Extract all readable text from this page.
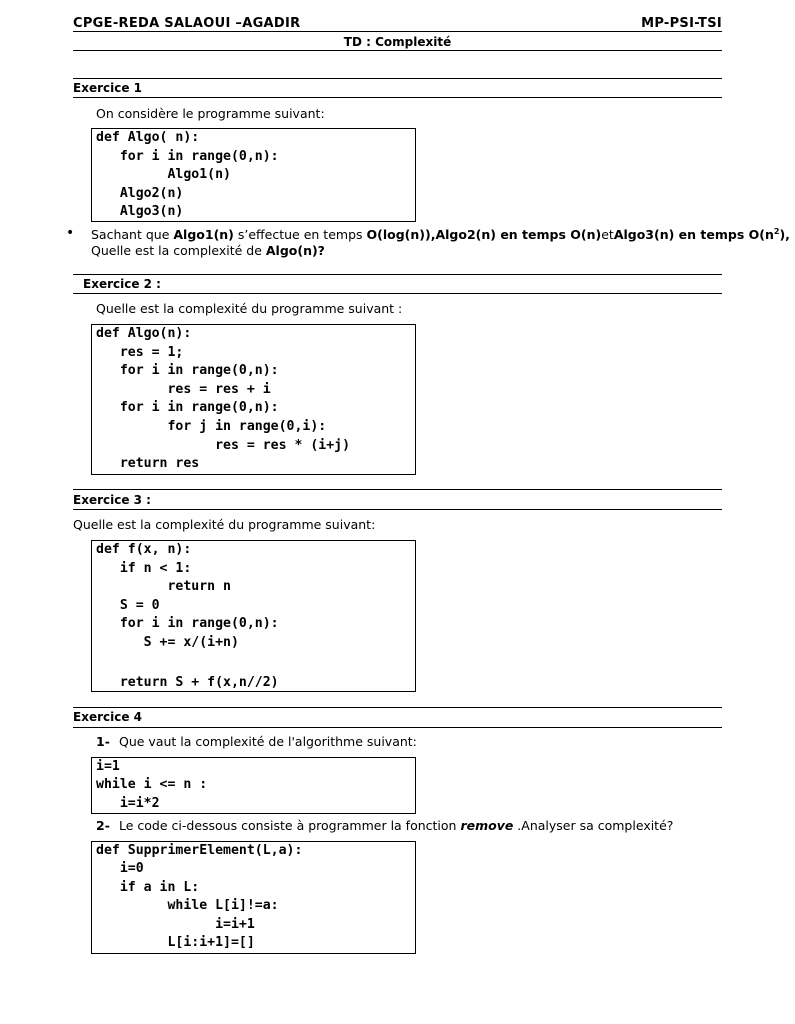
CPGE-REDA SALAOUI –AGADIR	MP-PSI-TSI
TD : Complexité
Exercice 1
On considère le programme suivant:
def Algo( n):
for i in range(0,n):
Algo1(n)
Algo2(n)
Algo3(n)
• Sachant que Algo1(n) s’effectue en temps O(log(n)),Algo2(n) en temps O(n)etAlgo3(n) en temps $O(n^2)$,
Quelle est la complexité de Algo(n)?
Exercice 2 :
Quelle est la complexité du programme suivant :
def Algo(n):
res = 1;
for i in range(0,n):
res = res + i
for i in range(0,n):
for j in range(0,i):
res = res * (i+j)
return res
Exercice 3 :
Quelle est la complexité du programme suivant:
def f(x, n):
if n < 1:
return n
S = 0
for i in range(0,n):
S += x/(i+n)
return S + f(x,n//2)
Exercice 4
1- Que vaut la complexité de l'algorithme suivant:
i=1
while i <= n :
i=i*2
2- Le code ci-dessous consiste à programmer la fonction remove .Analyser sa complexité?
def SupprimerElement(L,a):
i=0
if a in L:
while L[i]!=a:
i=i+1
L[i:i+1]=[]
